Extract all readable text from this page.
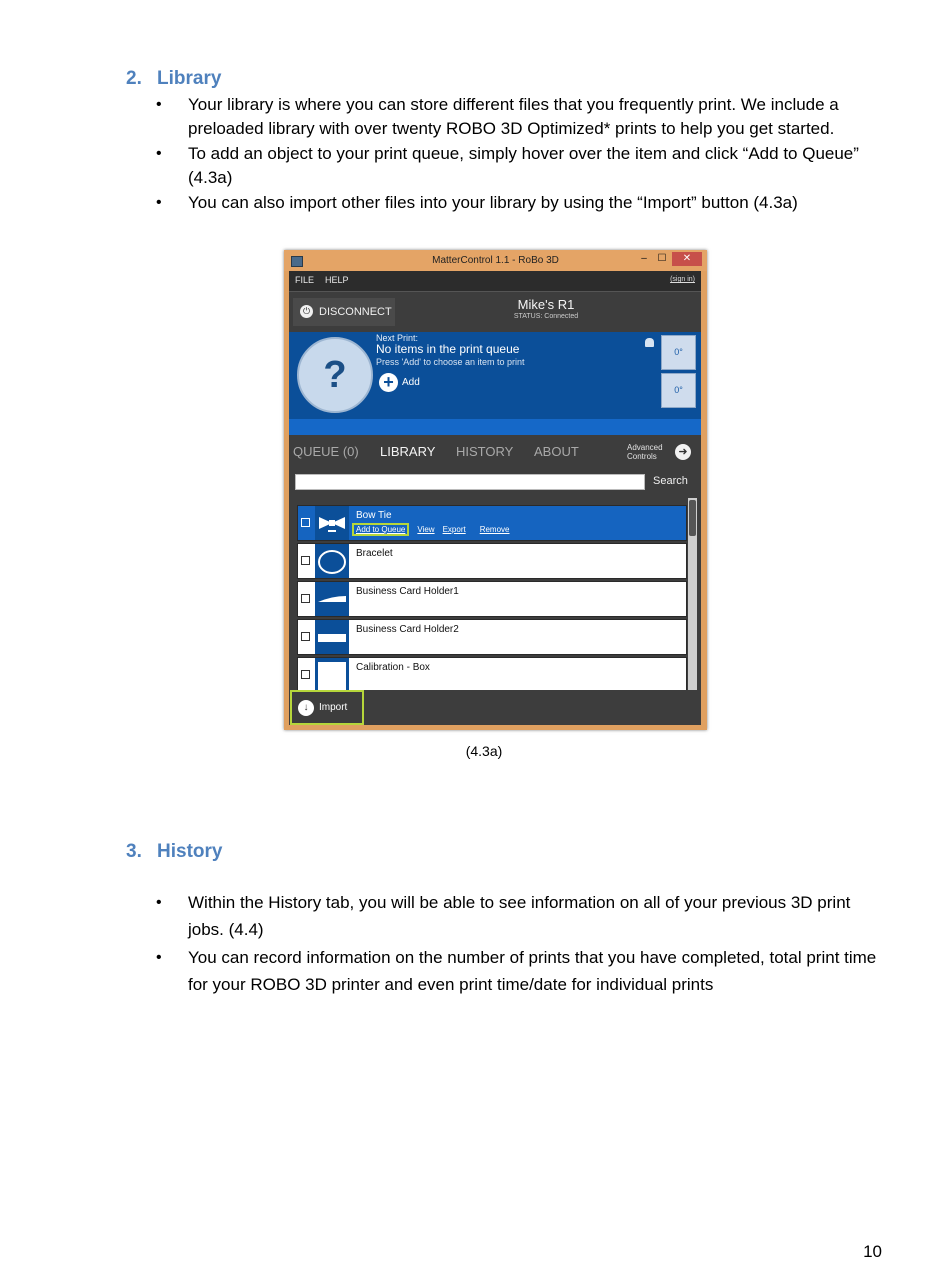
2. Library
• Your library is where you can store different files that you frequently print. We include a preloaded library with over twenty ROBO 3D Optimized* prints to help you get started.
• To add an object to your print queue, simply hover over the item and click “Add to Queue” (4.3a)
• You can also import other files into your library by using the “Import” button (4.3a)
MatterControl 1.1 - RoBo 3D	–	☐	✕
FILE HELP	(sign in)
⏻ DISCONNECT	Mike's R1
STATUS: Connected
?
Next Print:
No items in the print queue
Press 'Add' to choose an item to print
+ Add
0°
0°
QUEUE (0) LIBRARY HISTORY ABOUT	Advanced Controls	➜
Search
Bow Tie
Add to Queue View Export Remove
Bracelet
Business Card Holder1
Business Card Holder2
Calibration - Box
↓	Import
(4.3a)
3. History
• Within the History tab, you will be able to see information on all of your previous 3D print jobs. (4.4)
• You can record information on the number of prints that you have completed, total print time for your ROBO 3D printer and even print time/date for individual prints
10
